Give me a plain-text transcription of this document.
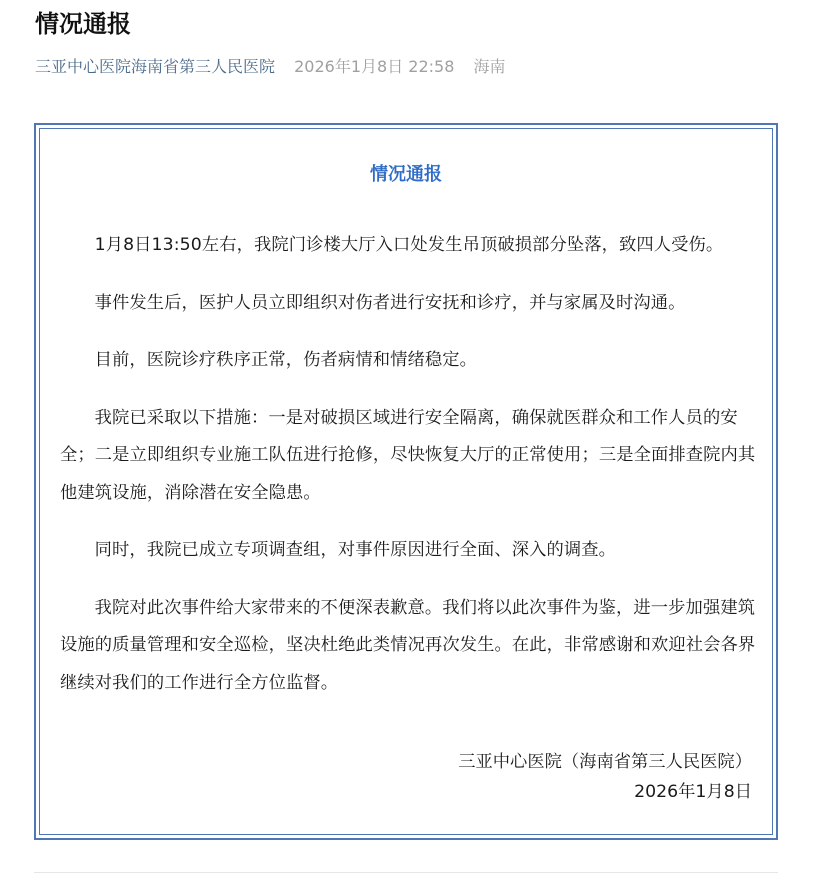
情况通报
三亚中心医院海南省第三人民医院 2026年1月8日 22:58 海南
情况通报

1月8日13:50左右，我院门诊楼大厅入口处发生吊顶破损部分坠落，致四人受伤。

事件发生后，医护人员立即组织对伤者进行安抚和诊疗，并与家属及时沟通。

目前，医院诊疗秩序正常，伤者病情和情绪稳定。

我院已采取以下措施：一是对破损区域进行安全隔离，确保就医群众和工作人员的安全；二是立即组织专业施工队伍进行抢修，尽快恢复大厅的正常使用；三是全面排查院内其他建筑设施，消除潜在安全隐患。

同时，我院已成立专项调查组，对事件原因进行全面、深入的调查。

我院对此次事件给大家带来的不便深表歉意。我们将以此次事件为鉴，进一步加强建筑设施的质量管理和安全巡检，坚决杜绝此类情况再次发生。在此，非常感谢和欢迎社会各界继续对我们的工作进行全方位监督。

三亚中心医院（海南省第三人民医院）
2026年1月8日
